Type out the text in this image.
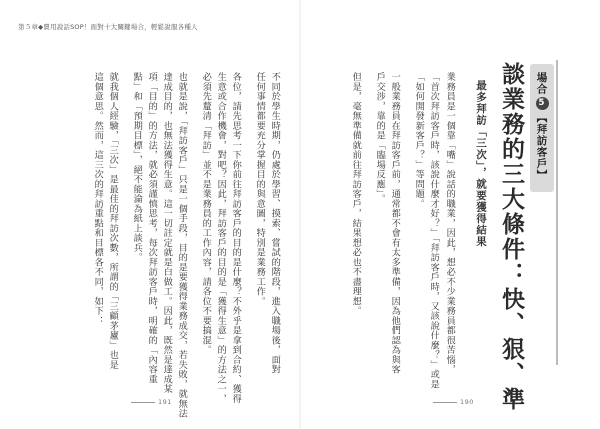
第５章◆賣用說話SOP！面對十大關鍵場合，輕鬆說服各種人
場合
5
【拜訪客戶】
談業務的三大條件：快、狠、準
最多拜訪「三次」，就要獲得結果
業務員是一個靠「嘴」說話的職業，因此，想必不少業務員都很苦惱，
「首次拜訪客戶時，該說什麼才好？」「拜訪客戶時，又該說什麼？」或是
「如何開發新客戶？」等問題。
一般業務員在拜訪客戶前，通常都不會有太多準備，因為他們認為與客
戶交涉，靠的是「臨場反應」。
但是，毫無準備就前往拜訪客戶，結果想必也不盡理想。
190
不同於學生時期，仍處於學習、摸索、嘗試的階段，進入職場後，面對
任何事情都要充分掌握目的與意圖，特別是業務工作。
各位，請先思考一下你前往拜訪客戶的目的是什麼？不外乎是拿到合約、獲得
生意或合作機會，對吧？因此，拜訪客戶的目的是「獲得生意」的方法之一，
必須先釐清「拜訪」並不是業務員的工作內容，請各位不要搞混。
也就是說，「拜訪客戶」只是一個手段，目的是要獲得業務成交，若失敗，就無法
達成目的，也無法獲得生意。這一切註定就是白做工。因此，既然是達成某
項「目的」的方法，就必須謹慎思考，每次拜訪客戶時，明確的「內容重
點」和「預期目標」，絕不能淪為紙上談兵。
就我個人經驗，「三次」是最佳的拜訪次數，所謂的「三顧茅廬」也是
這個意思。然而，這三次的拜訪重點和目標各不同，如下：
191
